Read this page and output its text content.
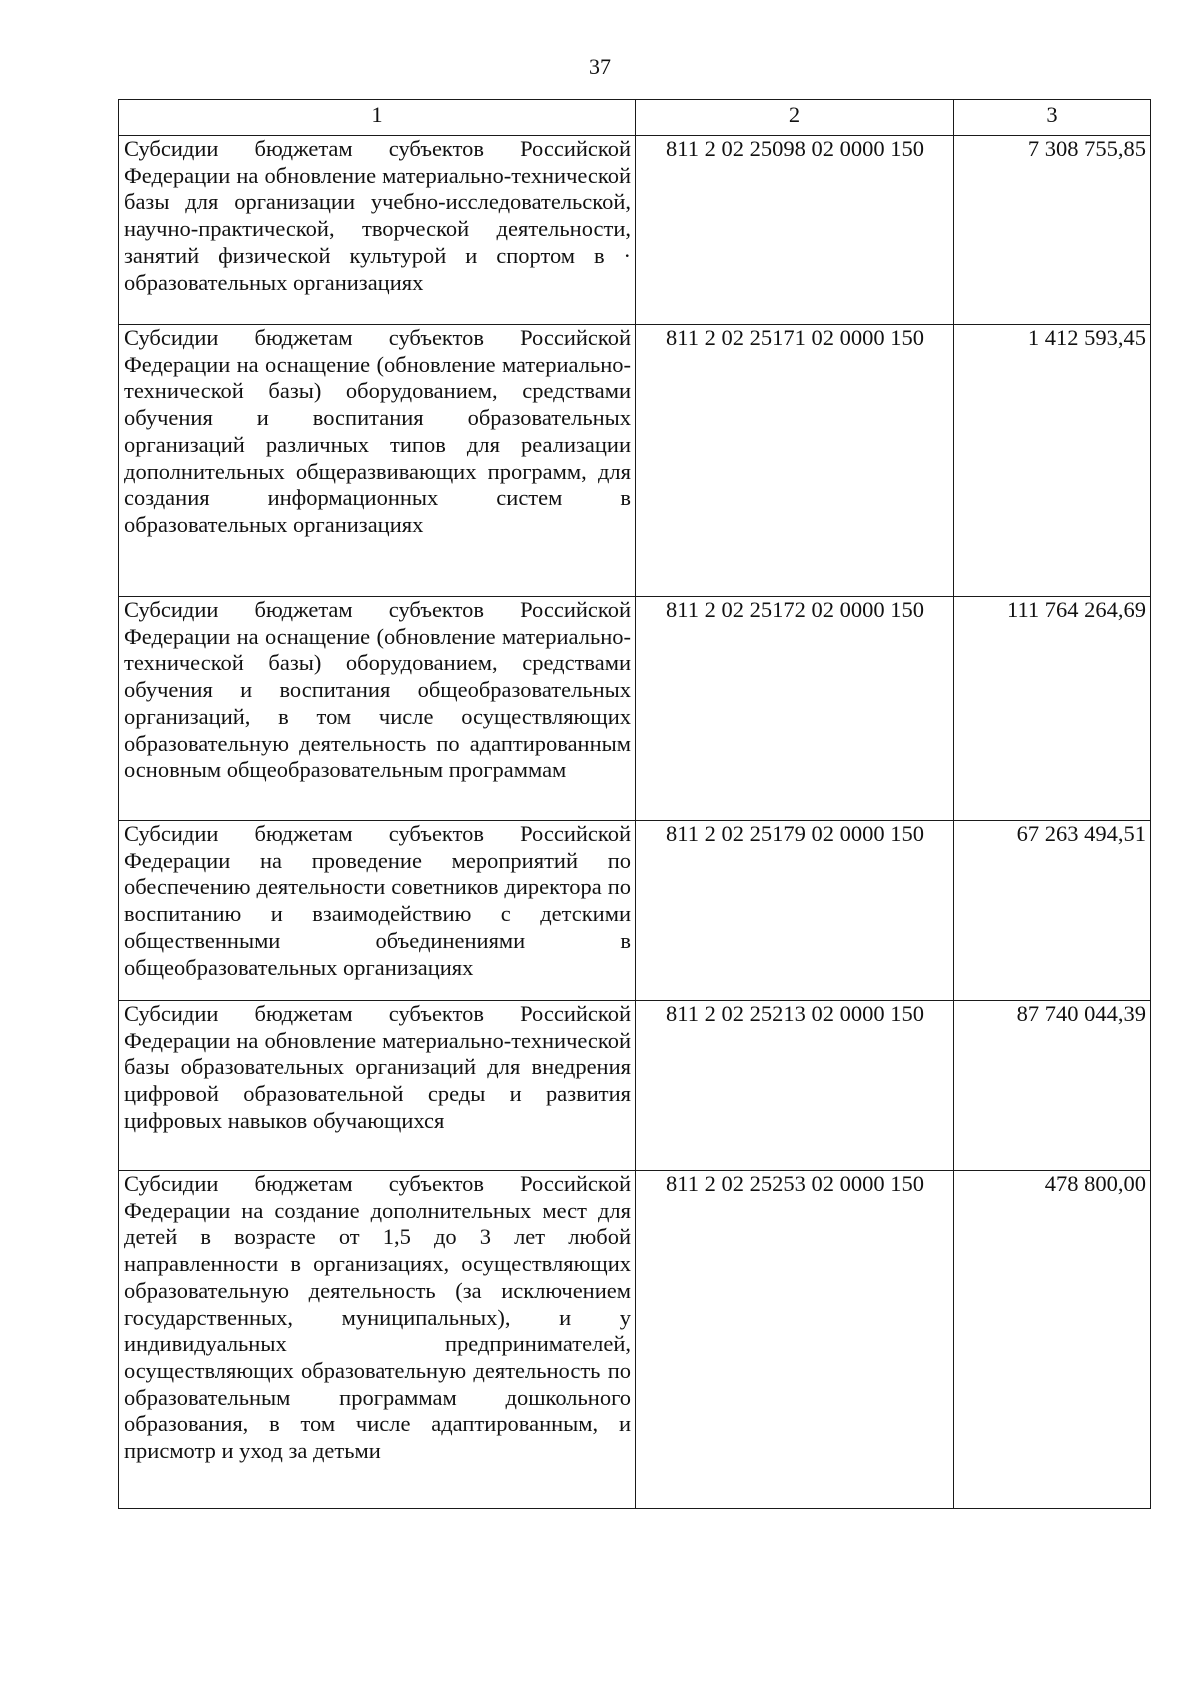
37
1	2	3
Субсидии бюджетам субъектов Российской Федерации на обновление материально-технической базы для организации учебно-исследовательской, научно-практической, творческой деятельности, занятий физической культурой и спортом в · образовательных организациях	811 2 02 25098 02 0000 150	7 308 755,85
Субсидии бюджетам субъектов Российской Федерации на оснащение (обновление материально-технической базы) оборудованием, средствами обучения и воспитания образовательных организаций различных типов для реализации дополнительных общеразвивающих программ, для создания информационных систем в образовательных организациях	811 2 02 25171 02 0000 150	1 412 593,45
Субсидии бюджетам субъектов Российской Федерации на оснащение (обновление материально-технической базы) оборудованием, средствами обучения и воспитания общеобразовательных организаций, в том числе осуществляющих образовательную деятельность по адаптированным основным общеобразовательным программам	811 2 02 25172 02 0000 150	111 764 264,69
Субсидии бюджетам субъектов Российской Федерации на проведение мероприятий по обеспечению деятельности советников директора по воспитанию и взаимодействию с детскими общественными объединениями в общеобразовательных организациях	811 2 02 25179 02 0000 150	67 263 494,51
Субсидии бюджетам субъектов Российской Федерации на обновление материально-технической базы образовательных организаций для внедрения цифровой образовательной среды и развития цифровых навыков обучающихся	811 2 02 25213 02 0000 150	87 740 044,39
Субсидии бюджетам субъектов Российской Федерации на создание дополнительных мест для детей в возрасте от 1,5 до 3 лет любой направленности в организациях, осуществляющих образовательную деятельность (за исключением государственных, муниципальных), и у индивидуальных предпринимателей, осуществляющих образовательную деятельность по образовательным программам дошкольного образования, в том числе адаптированным, и присмотр и уход за детьми	811 2 02 25253 02 0000 150	478 800,00
